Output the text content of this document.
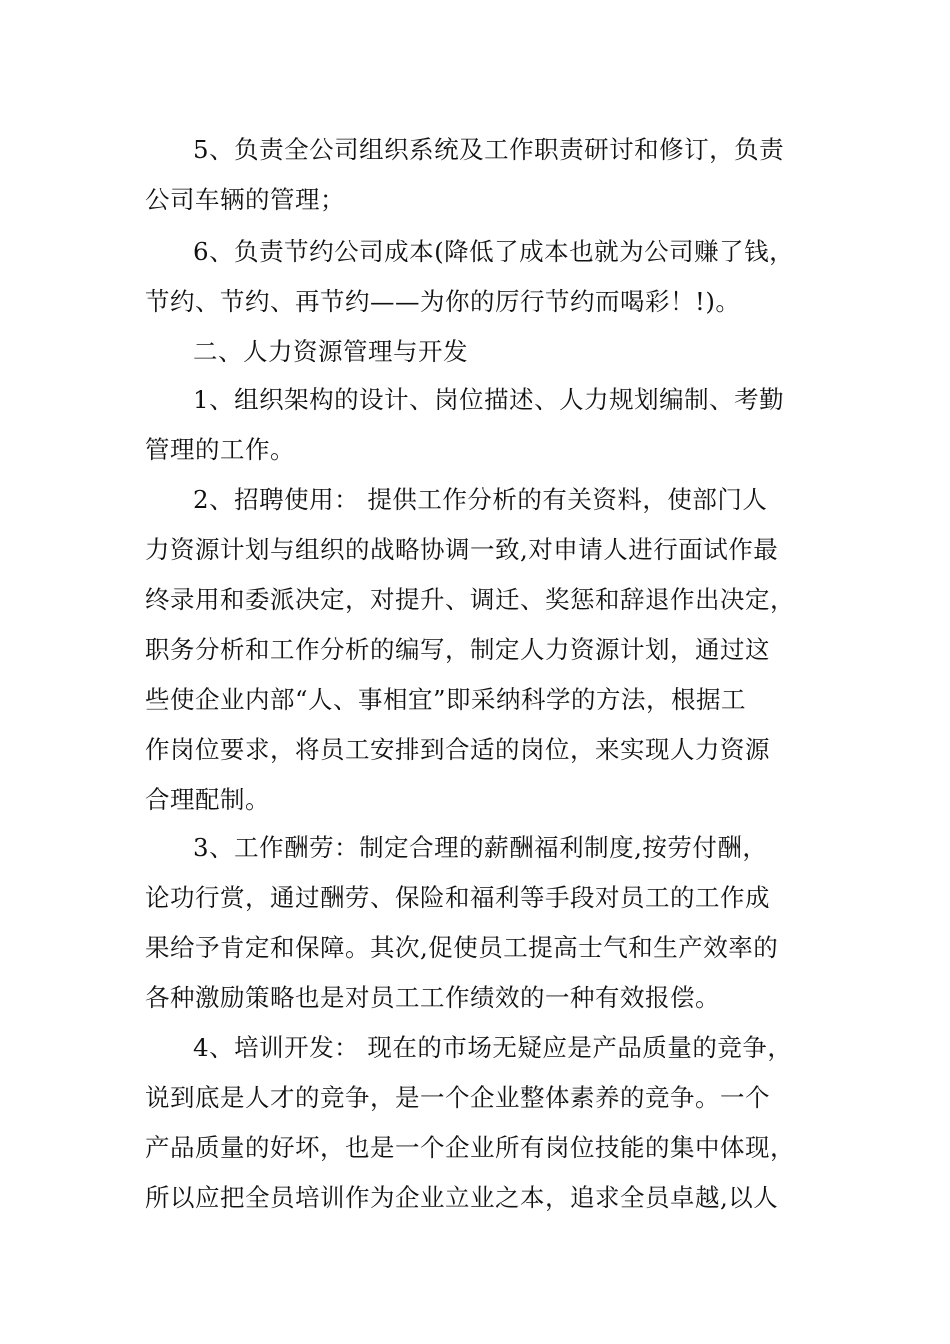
5、负责全公司组织系统及工作职责研讨和修订，负责
公司车辆的管理；
6、负责节约公司成本(降低了成本也就为公司赚了钱，
节约、节约、再节约——为你的厉行节约而喝彩！!)。
二、人力资源管理与开发
1、组织架构的设计、岗位描述、人力规划编制、考勤
管理的工作。
2、招聘使用： 提供工作分析的有关资料，使部门人
力资源计划与组织的战略协调一致,对申请人进行面试作最
终录用和委派决定，对提升、调迁、奖惩和辞退作出决定，
职务分析和工作分析的编写，制定人力资源计划，通过这
些使企业内部“人、事相宜”即采纳科学的方法，根据工
作岗位要求，将员工安排到合适的岗位，来实现人力资源
合理配制。
3、工作酬劳：制定合理的薪酬福利制度,按劳付酬，
论功行赏，通过酬劳、保险和福利等手段对员工的工作成
果给予肯定和保障。其次,促使员工提高士气和生产效率的
各种激励策略也是对员工工作绩效的一种有效报偿。
4、培训开发： 现在的市场无疑应是产品质量的竞争，
说到底是人才的竞争，是一个企业整体素养的竞争。一个
产品质量的好坏，也是一个企业所有岗位技能的集中体现，
所以应把全员培训作为企业立业之本，追求全员卓越,以人
